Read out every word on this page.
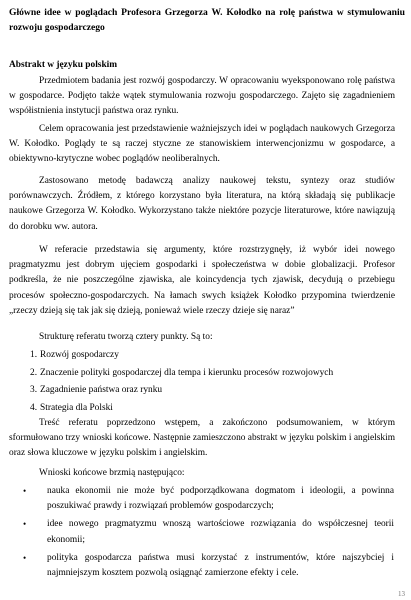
Główne idee w poglądach Profesora Grzegorza W. Kołodko na rolę państwa w stymulowaniu rozwoju gospodarczego
Abstrakt w języku polskim
Przedmiotem badania jest rozwój gospodarczy. W opracowaniu wyeksponowano rolę państwa w gospodarce. Podjęto także wątek stymulowania rozwoju gospodarczego. Zajęto się zagadnieniem współistnienia instytucji państwa oraz rynku.
Celem opracowania jest przedstawienie ważniejszych idei w poglądach naukowych Grzegorza W. Kołodko. Poglądy te są raczej styczne ze stanowiskiem interwencjonizmu w gospodarce, a obiektywno-krytyczne wobec poglądów neoliberalnych.
Zastosowano metodę badawczą analizy naukowej tekstu, syntezy oraz studiów porównawczych. Źródłem, z którego korzystano była literatura, na którą składają się publikacje naukowe Grzegorza W. Kołodko. Wykorzystano także niektóre pozycje literaturowe, które nawiązują do dorobku ww. autora.
W referacie przedstawia się argumenty, które rozstrzygnęły, iż wybór idei nowego pragmatyzmu jest dobrym ujęciem gospodarki i społeczeństwa w dobie globalizacji. Profesor podkreśla, że nie poszczególne zjawiska, ale koincydencja tych zjawisk, decydują o przebiegu procesów społeczno-gospodarczych. Na łamach swych książek Kołodko przypomina twierdzenie „rzeczy dzieją się tak jak się dzieją, ponieważ wiele rzeczy dzieje się naraz”
Strukturę referatu tworzą cztery punkty. Są to:
1. Rozwój gospodarczy
2. Znaczenie polityki gospodarczej dla tempa i kierunku procesów rozwojowych
3. Zagadnienie państwa oraz rynku
4. Strategia dla Polski
Treść referatu poprzedzono wstępem, a zakończono podsumowaniem, w którym sformułowano trzy wnioski końcowe. Następnie zamieszczono abstrakt w języku polskim i angielskim oraz słowa kluczowe w języku polskim i angielskim.
Wnioski końcowe brzmią następująco:
• nauka ekonomii nie może być podporządkowana dogmatom i ideologii, a powinna poszukiwać prawdy i rozwiązań problemów gospodarczych;
• idee nowego pragmatyzmu wnoszą wartościowe rozwiązania do współczesnej teorii ekonomii;
• polityka gospodarcza państwa musi korzystać z instrumentów, które najszybciej i najmniejszym kosztem pozwolą osiągnąć zamierzone efekty i cele.
13
